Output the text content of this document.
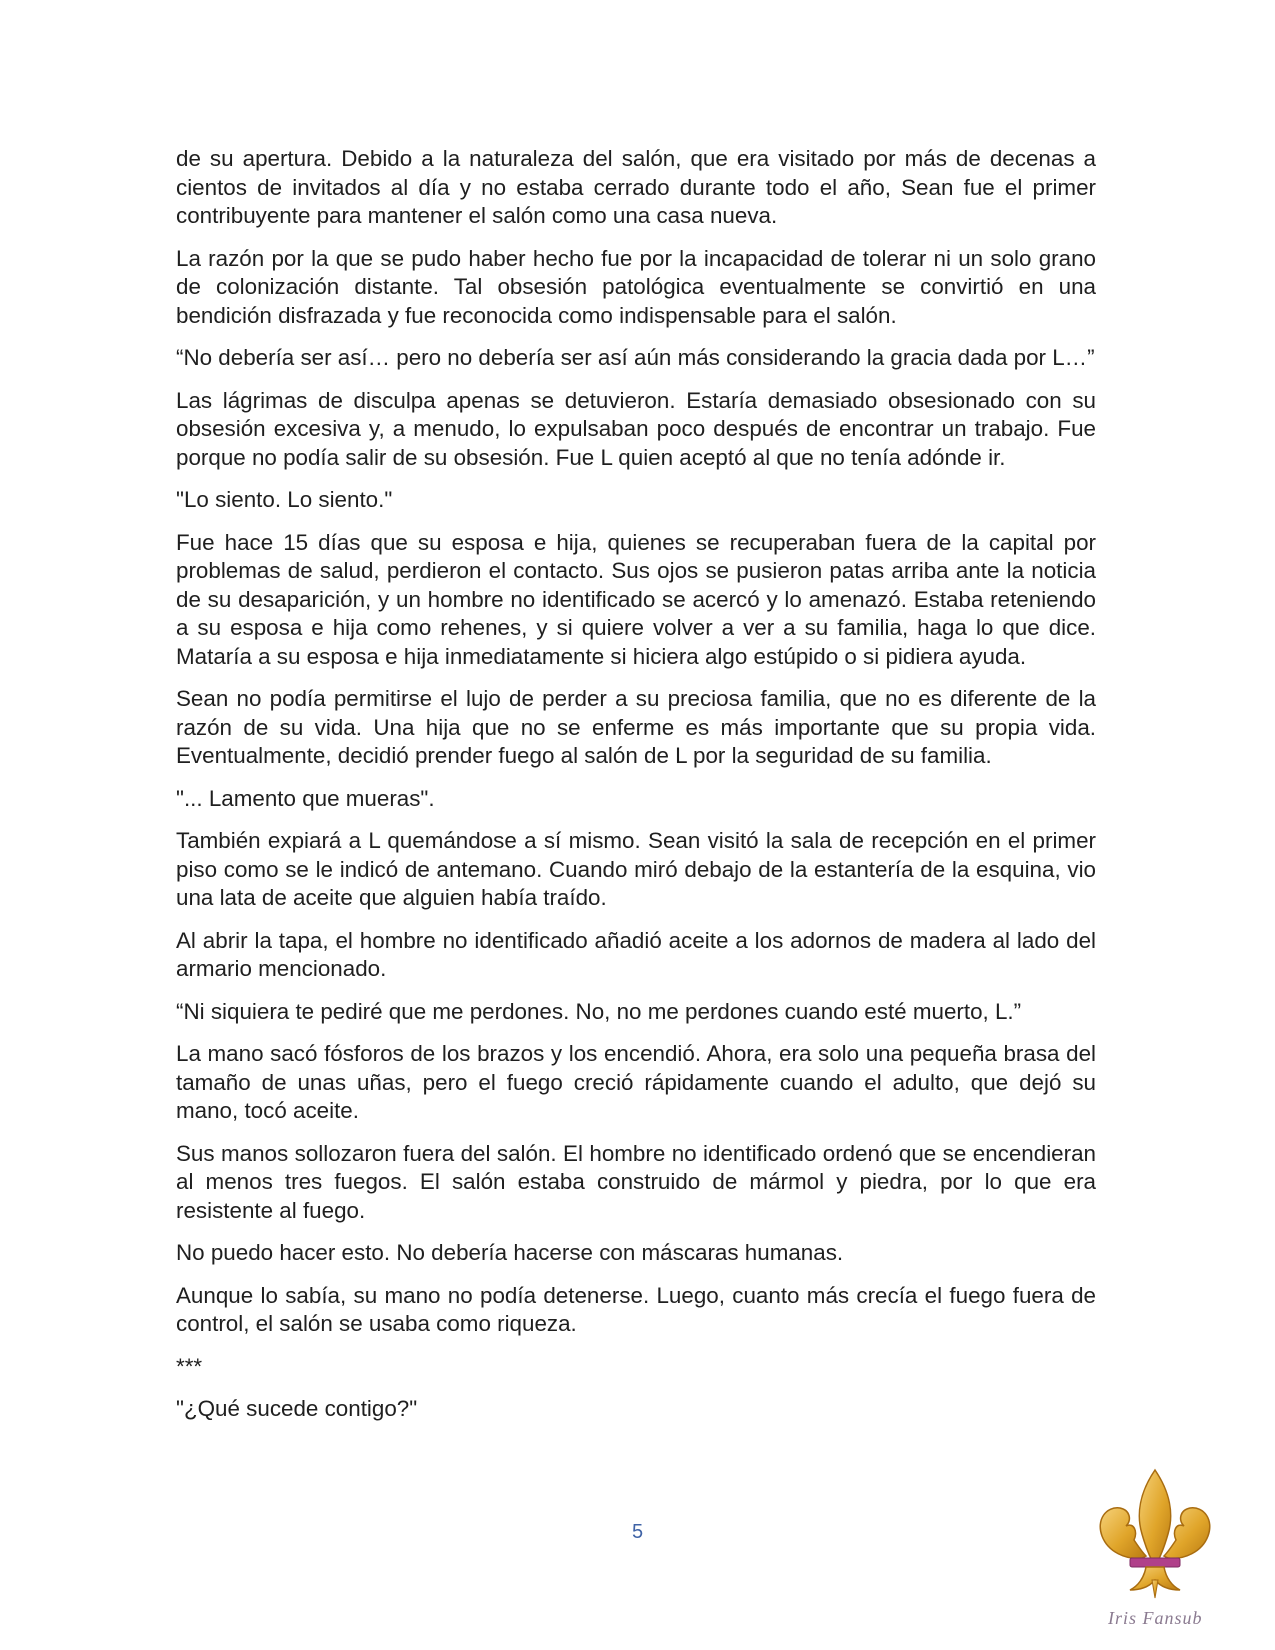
de su apertura. Debido a la naturaleza del salón, que era visitado por más de decenas a cientos de invitados al día y no estaba cerrado durante todo el año, Sean fue el primer contribuyente para mantener el salón como una casa nueva.

La razón por la que se pudo haber hecho fue por la incapacidad de tolerar ni un solo grano de colonización distante. Tal obsesión patológica eventualmente se convirtió en una bendición disfrazada y fue reconocida como indispensable para el salón.

“No debería ser así… pero no debería ser así aún más considerando la gracia dada por L…”

Las lágrimas de disculpa apenas se detuvieron. Estaría demasiado obsesionado con su obsesión excesiva y, a menudo, lo expulsaban poco después de encontrar un trabajo. Fue porque no podía salir de su obsesión. Fue L quien aceptó al que no tenía adónde ir.

"Lo siento. Lo siento."

Fue hace 15 días que su esposa e hija, quienes se recuperaban fuera de la capital por problemas de salud, perdieron el contacto. Sus ojos se pusieron patas arriba ante la noticia de su desaparición, y un hombre no identificado se acercó y lo amenazó. Estaba reteniendo a su esposa e hija como rehenes, y si quiere volver a ver a su familia, haga lo que dice. Mataría a su esposa e hija inmediatamente si hiciera algo estúpido o si pidiera ayuda.

Sean no podía permitirse el lujo de perder a su preciosa familia, que no es diferente de la razón de su vida. Una hija que no se enferme es más importante que su propia vida. Eventualmente, decidió prender fuego al salón de L por la seguridad de su familia.

"... Lamento que mueras".

También expiará a L quemándose a sí mismo. Sean visitó la sala de recepción en el primer piso como se le indicó de antemano. Cuando miró debajo de la estantería de la esquina, vio una lata de aceite que alguien había traído.

Al abrir la tapa, el hombre no identificado añadió aceite a los adornos de madera al lado del armario mencionado.

“Ni siquiera te pediré que me perdones. No, no me perdones cuando esté muerto, L.”

La mano sacó fósforos de los brazos y los encendió. Ahora, era solo una pequeña brasa del tamaño de unas uñas, pero el fuego creció rápidamente cuando el adulto, que dejó su mano, tocó aceite.

Sus manos sollozaron fuera del salón. El hombre no identificado ordenó que se encendieran al menos tres fuegos. El salón estaba construido de mármol y piedra, por lo que era resistente al fuego.

No puedo hacer esto. No debería hacerse con máscaras humanas.

Aunque lo sabía, su mano no podía detenerse. Luego, cuanto más crecía el fuego fuera de control, el salón se usaba como riqueza.

***

"¿Qué sucede contigo?"

5
Iris Fansub
